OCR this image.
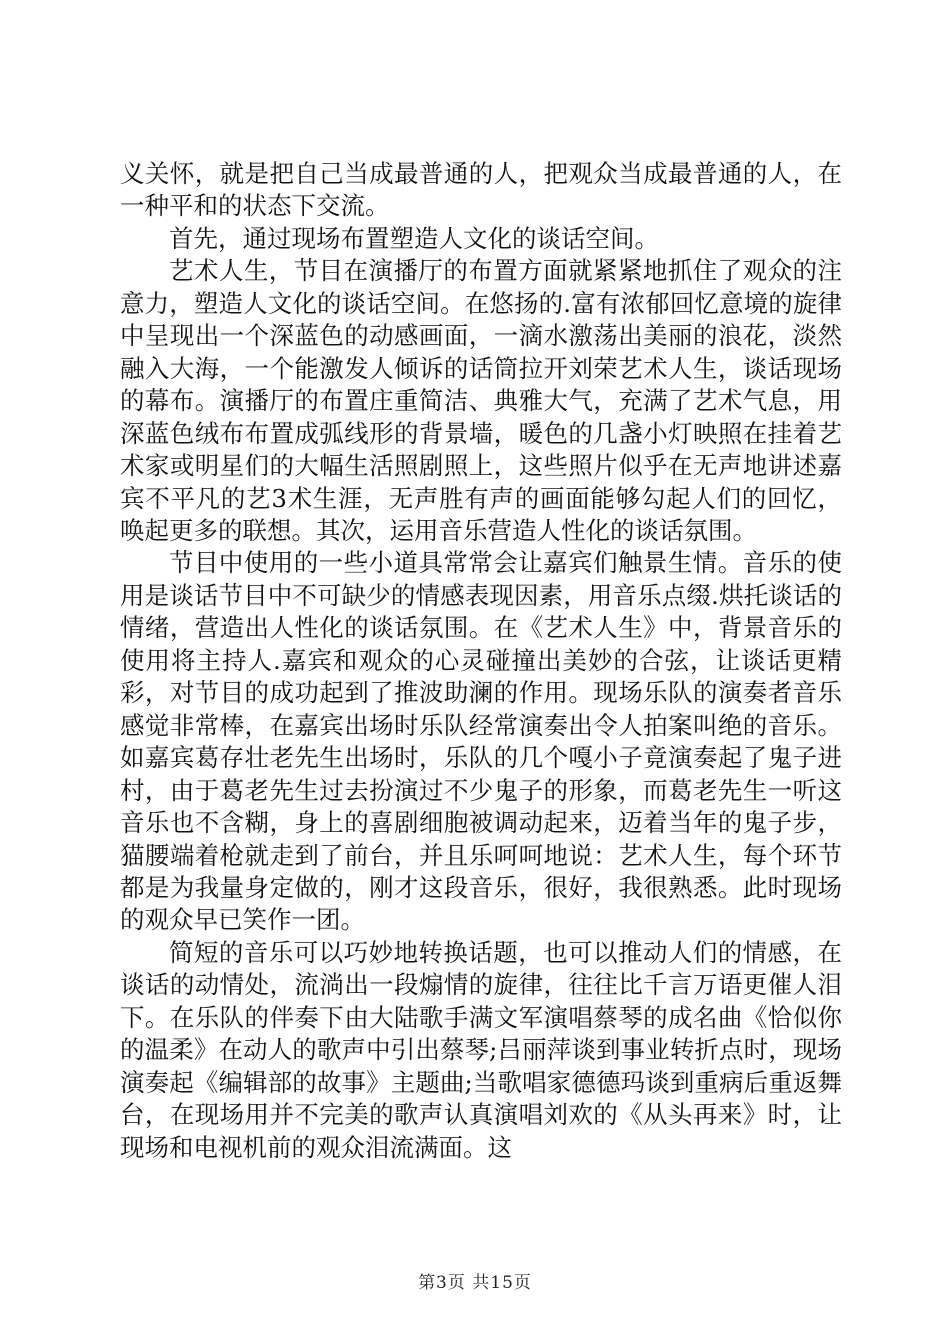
义关怀，就是把自己当成最普通的人，把观众当成最普通的人，在一种平和的状态下交流。

首先，通过现场布置塑造人文化的谈话空间。

艺术人生，节目在演播厅的布置方面就紧紧地抓住了观众的注意力，塑造人文化的谈话空间。在悠扬的.富有浓郁回忆意境的旋律中呈现出一个深蓝色的动感画面，一滴水激荡出美丽的浪花，淡然融入大海，一个能激发人倾诉的话筒拉开刘荣艺术人生，谈话现场的幕布。演播厅的布置庄重简洁、典雅大气，充满了艺术气息，用深蓝色绒布布置成弧线形的背景墙，暖色的几盏小灯映照在挂着艺术家或明星们的大幅生活照剧照上，这些照片似乎在无声地讲述嘉宾不平凡的艺3术生涯，无声胜有声的画面能够勾起人们的回忆，唤起更多的联想。其次，运用音乐营造人性化的谈话氛围。

节目中使用的一些小道具常常会让嘉宾们触景生情。音乐的使用是谈话节目中不可缺少的情感表现因素，用音乐点缀.烘托谈话的情绪，营造出人性化的谈话氛围。在《艺术人生》中，背景音乐的使用将主持人.嘉宾和观众的心灵碰撞出美妙的合弦，让谈话更精彩，对节目的成功起到了推波助澜的作用。现场乐队的演奏者音乐感觉非常棒，在嘉宾出场时乐队经常演奏出令人拍案叫绝的音乐。如嘉宾葛存壮老先生出场时，乐队的几个嘎小子竟演奏起了鬼子进村，由于葛老先生过去扮演过不少鬼子的形象，而葛老先生一听这音乐也不含糊，身上的喜剧细胞被调动起来，迈着当年的鬼子步，猫腰端着枪就走到了前台，并且乐呵呵地说：艺术人生，每个环节都是为我量身定做的，刚才这段音乐，很好，我很熟悉。此时现场的观众早已笑作一团。

简短的音乐可以巧妙地转换话题，也可以推动人们的情感，在谈话的动情处，流淌出一段煽情的旋律，往往比千言万语更催人泪下。在乐队的伴奏下由大陆歌手满文军演唱蔡琴的成名曲《恰似你的温柔》在动人的歌声中引出蔡琴;吕丽萍谈到事业转折点时，现场演奏起《编辑部的故事》主题曲;当歌唱家德德玛谈到重病后重返舞台，在现场用并不完美的歌声认真演唱刘欢的《从头再来》时，让现场和电视机前的观众泪流满面。这

第3页 共15页
